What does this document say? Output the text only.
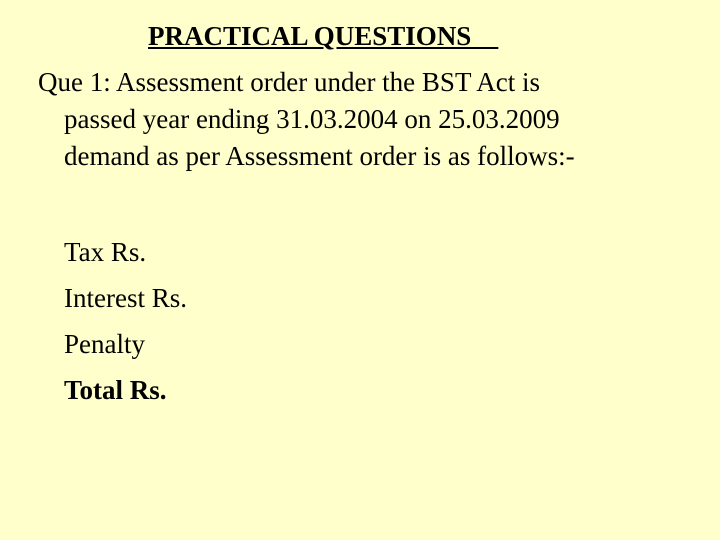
PRACTICAL QUESTIONS
Que 1: Assessment order under the BST Act is
passed year ending 31.03.2004 on 25.03.2009
demand as per Assessment order is as follows:-
Tax Rs.
Interest Rs.
Penalty
Total Rs.
